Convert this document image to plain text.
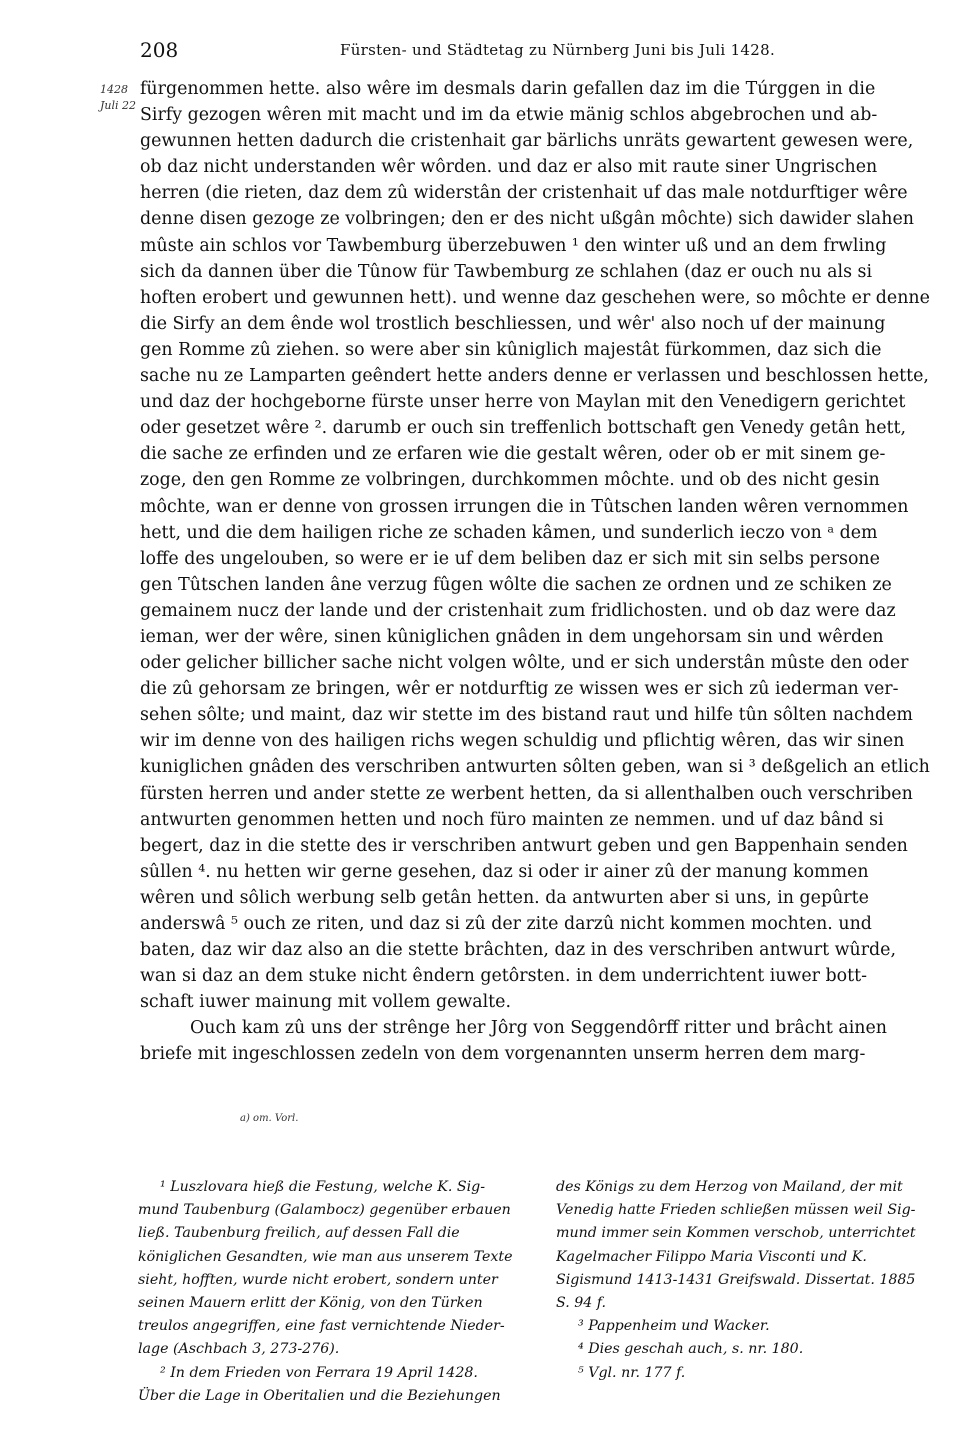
208	Fürsten- und Städtetag zu Nürnberg Juni bis Juli 1428.
1428
Juli 22
fürgenommen hette. also wêre im desmals darin gefallen daz im die Túrggen in die
Sirfy gezogen wêren mit macht und im da etwie mänig schlos abgebrochen und ab-
gewunnen hetten dadurch die cristenhait gar bärlichs unräts gewartent gewesen were,
ob daz nicht understanden wêr wôrden. und daz er also mit raute siner Ungrischen
herren (die rieten, daz dem zû widerstân der cristenhait uf das male notdurftiger wêre
denne disen gezoge ze volbringen; den er des nicht ußgân môchte) sich dawider slahen
mûste ain schlos vor Tawbemburg überzebuwen ¹ den winter uß und an dem frwling
sich da dannen über die Tûnow für Tawbemburg ze schlahen (daz er ouch nu als si
hoften erobert und gewunnen hett). und wenne daz geschehen were, so môchte er denne
die Sirfy an dem ênde wol trostlich beschliessen, und wêr' also noch uf der mainung
gen Romme zû ziehen. so were aber sin kûniglich majestât fürkommen, daz sich die
sache nu ze Lamparten geêndert hette anders denne er verlassen und beschlossen hette,
und daz der hochgeborne fürste unser herre von Maylan mit den Venedigern gerichtet
oder gesetzet wêre ². darumb er ouch sin treffenlich bottschaft gen Venedy getân hett,
die sache ze erfinden und ze erfaren wie die gestalt wêren, oder ob er mit sinem ge-
zoge, den gen Romme ze volbringen, durchkommen môchte. und ob des nicht gesin
môchte, wan er denne von grossen irrungen die in Tûtschen landen wêren vernommen
hett, und die dem hailigen riche ze schaden kâmen, und sunderlich ieczo von ᵃ dem
loffe des ungelouben, so were er ie uf dem beliben daz er sich mit sin selbs persone
gen Tûtschen landen âne verzug fûgen wôlte die sachen ze ordnen und ze schiken ze
gemainem nucz der lande und der cristenhait zum fridlichosten. und ob daz were daz
ieman, wer der wêre, sinen kûniglichen gnâden in dem ungehorsam sin und wêrden
oder gelicher billicher sache nicht volgen wôlte, und er sich understân mûste den oder
die zû gehorsam ze bringen, wêr er notdurftig ze wissen wes er sich zû iederman ver-
sehen sôlte; und maint, daz wir stette im des bistand raut und hilfe tûn sôlten nachdem
wir im denne von des hailigen richs wegen schuldig und pflichtig wêren, das wir sinen
kuniglichen gnâden des verschriben antwurten sôlten geben, wan si ³ deßgelich an etlich
fürsten herren und ander stette ze werbent hetten, da si allenthalben ouch verschriben
antwurten genommen hetten und noch füro mainten ze nemmen. und uf daz bând si
begert, daz in die stette des ir verschriben antwurt geben und gen Bappenhain senden
sûllen ⁴. nu hetten wir gerne gesehen, daz si oder ir ainer zû der manung kommen
wêren und sôlich werbung selb getân hetten. da antwurten aber si uns, in gepûrte
anderswâ ⁵ ouch ze riten, und daz si zû der zite darzû nicht kommen mochten. und
baten, daz wir daz also an die stette brâchten, daz in des verschriben antwurt wûrde,
wan si daz an dem stuke nicht êndern getôrsten. in dem underrichtent iuwer bott-
schaft iuwer mainung mit vollem gewalte.
Ouch kam zû uns der strênge her Jôrg von Seggendôrff ritter und brâcht ainen
briefe mit ingeschlossen zedeln von dem vorgenannten unserm herren dem marg-
a) om. Vorl.
¹ Luszlovara hieß die Festung, welche K. Sig-
mund Taubenburg (Galambocz) gegenüber erbauen
ließ. Taubenburg freilich, auf dessen Fall die
königlichen Gesandten, wie man aus unserem Texte
sieht, hofften, wurde nicht erobert, sondern unter
seinen Mauern erlitt der König, von den Türken
treulos angegriffen, eine fast vernichtende Nieder-
lage (Aschbach 3, 273-276).
² In dem Frieden von Ferrara 19 April 1428.
Über die Lage in Oberitalien und die Beziehungen
des Königs zu dem Herzog von Mailand, der mit
Venedig hatte Frieden schließen müssen weil Sig-
mund immer sein Kommen verschob, unterrichtet
Kagelmacher Filippo Maria Visconti und K.
Sigismund 1413-1431 Greifswald. Dissertat. 1885
S. 94 f.
³ Pappenheim und Wacker.
⁴ Dies geschah auch, s. nr. 180.
⁵ Vgl. nr. 177 f.
